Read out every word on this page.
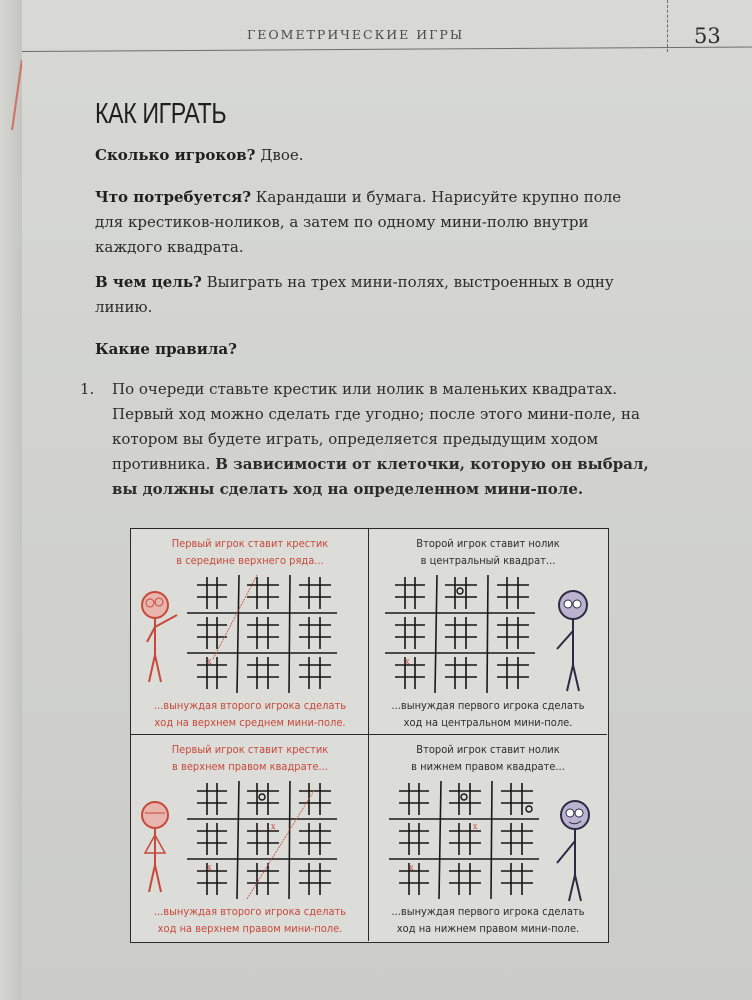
ГЕОМЕТРИЧЕСКИЕ ИГРЫ	53
КАК ИГРАТЬ
Сколько игроков? Двое.
Что потребуется? Карандаши и бумага. Нарисуйте крупно поле для крестиков-ноликов, а затем по одному мини-полю внутри каждого квадрата.
В чем цель? Выиграть на трех мини-полях, выстроенных в одну линию.
Какие правила?
1. По очереди ставьте крестик или нолик в маленьких квадратах. Первый ход можно сделать где угодно; после этого мини-поле, на котором вы будете играть, определяется предыдущим ходом противника. В зависимости от клеточки, которую он выбрал, вы должны сделать ход на определенном мини-поле.
Первый игрок ставит крестик
в середине верхнего ряда...
x
...вынуждая второго игрока сделать
ход на верхнем среднем мини-поле.
Второй игрок ставит нолик
в центральный квадрат...
x
...вынуждая первого игрока сделать
ход на центральном мини-поле.
Первый игрок ставит крестик
в верхнем правом квадрате...
x
x
...вынуждая второго игрока сделать
ход на верхнем правом мини-поле.
Второй игрок ставит нолик
в нижнем правом квадрате...
x
x
...вынуждая первого игрока сделать
ход на нижнем правом мини-поле.
